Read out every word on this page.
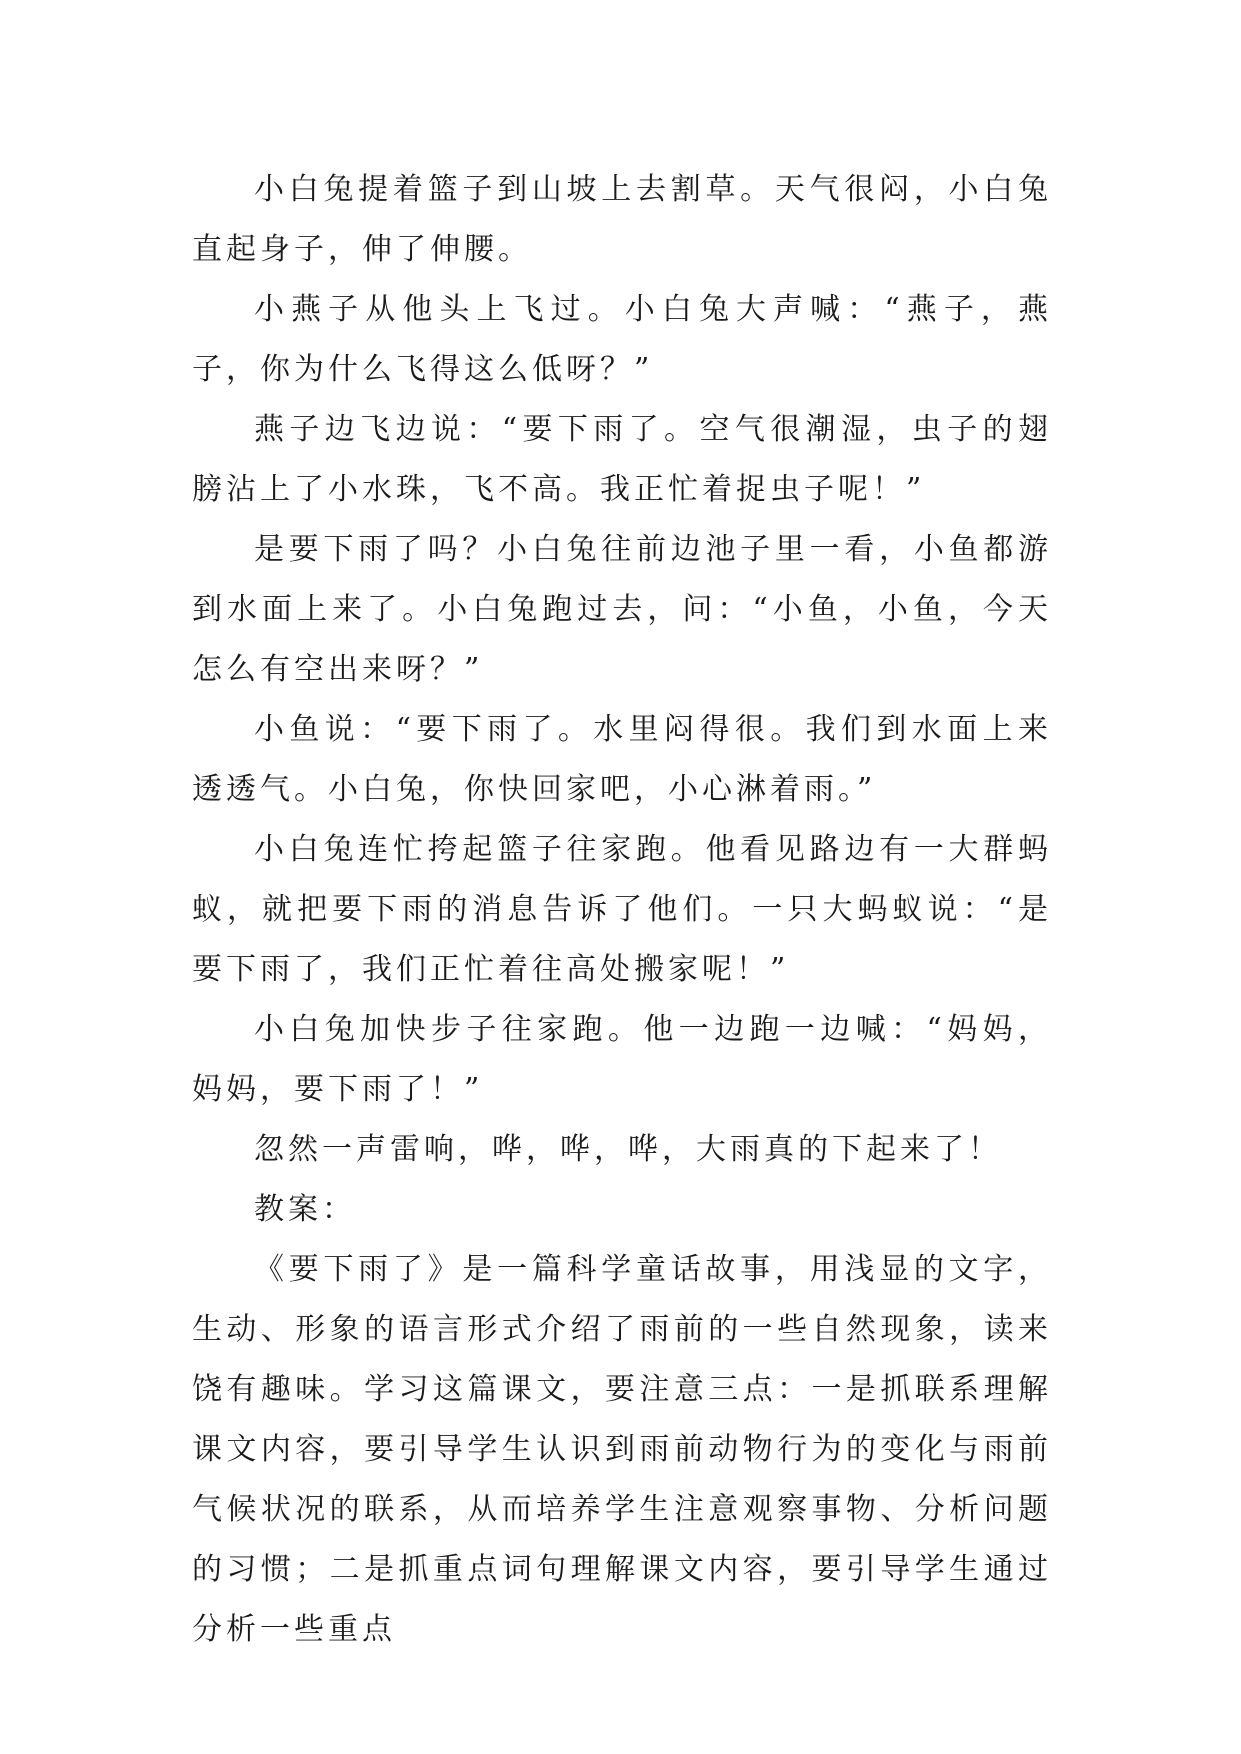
小白兔提着篮子到山坡上去割草。天气很闷，小白兔直起身子，伸了伸腰。

小燕子从他头上飞过。小白兔大声喊：“燕子，燕子，你为什么飞得这么低呀？”

燕子边飞边说：“要下雨了。空气很潮湿，虫子的翅膀沾上了小水珠，飞不高。我正忙着捉虫子呢！”

是要下雨了吗？小白兔往前边池子里一看，小鱼都游到水面上来了。小白兔跑过去，问：“小鱼，小鱼，今天怎么有空出来呀？”

小鱼说：“要下雨了。水里闷得很。我们到水面上来透透气。小白兔，你快回家吧，小心淋着雨。”

小白兔连忙挎起篮子往家跑。他看见路边有一大群蚂蚁，就把要下雨的消息告诉了他们。一只大蚂蚁说：“是要下雨了，我们正忙着往高处搬家呢！”

小白兔加快步子往家跑。他一边跑一边喊：“妈妈，妈妈，要下雨了！”

忽然一声雷响，哗，哗，哗，大雨真的下起来了！

教案：

《要下雨了》是一篇科学童话故事，用浅显的文字，生动、形象的语言形式介绍了雨前的一些自然现象，读来饶有趣味。学习这篇课文，要注意三点：一是抓联系理解课文内容，要引导学生认识到雨前动物行为的变化与雨前气候状况的联系，从而培养学生注意观察事物、分析问题的习惯；二是抓重点词句理解课文内容，要引导学生通过分析一些重点
